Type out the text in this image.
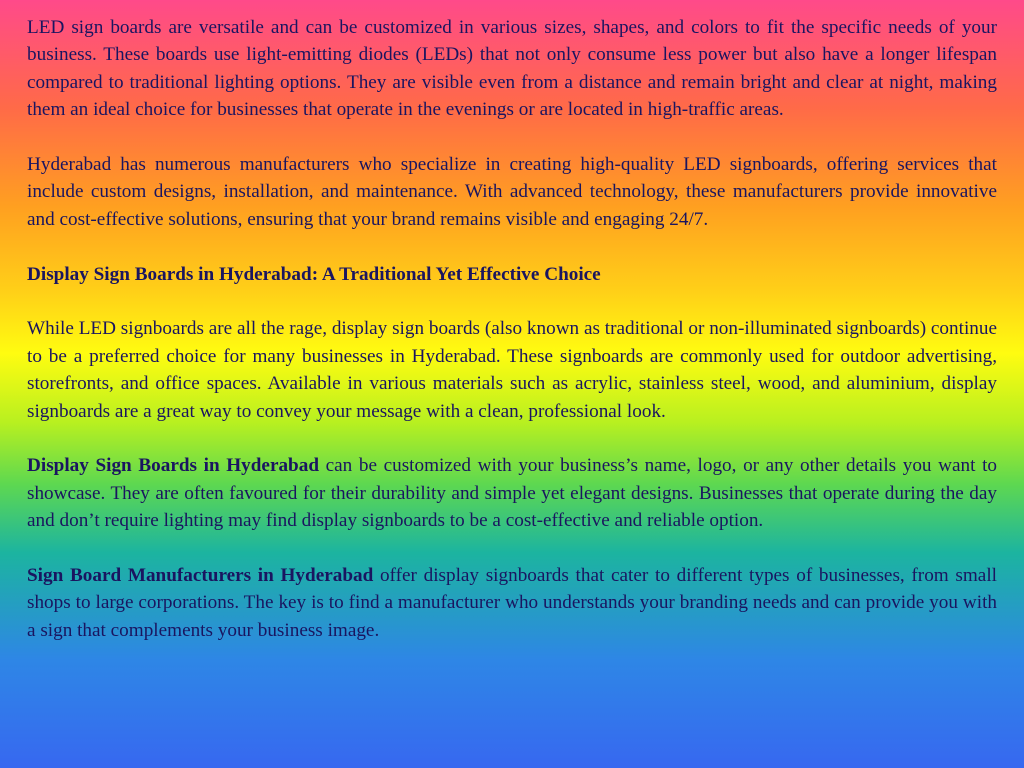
LED sign boards are versatile and can be customized in various sizes, shapes, and colors to fit the specific needs of your business. These boards use light-emitting diodes (LEDs) that not only consume less power but also have a longer lifespan compared to traditional lighting options. They are visible even from a distance and remain bright and clear at night, making them an ideal choice for businesses that operate in the evenings or are located in high-traffic areas.

Hyderabad has numerous manufacturers who specialize in creating high-quality LED signboards, offering services that include custom designs, installation, and maintenance. With advanced technology, these manufacturers provide innovative and cost-effective solutions, ensuring that your brand remains visible and engaging 24/7.

Display Sign Boards in Hyderabad: A Traditional Yet Effective Choice

While LED signboards are all the rage, display sign boards (also known as traditional or non-illuminated signboards) continue to be a preferred choice for many businesses in Hyderabad. These signboards are commonly used for outdoor advertising, storefronts, and office spaces. Available in various materials such as acrylic, stainless steel, wood, and aluminium, display signboards are a great way to convey your message with a clean, professional look.

Display Sign Boards in Hyderabad can be customized with your business’s name, logo, or any other details you want to showcase. They are often favoured for their durability and simple yet elegant designs. Businesses that operate during the day and don’t require lighting may find display signboards to be a cost-effective and reliable option.

Sign Board Manufacturers in Hyderabad offer display signboards that cater to different types of businesses, from small shops to large corporations. The key is to find a manufacturer who understands your branding needs and can provide you with a sign that complements your business image.
